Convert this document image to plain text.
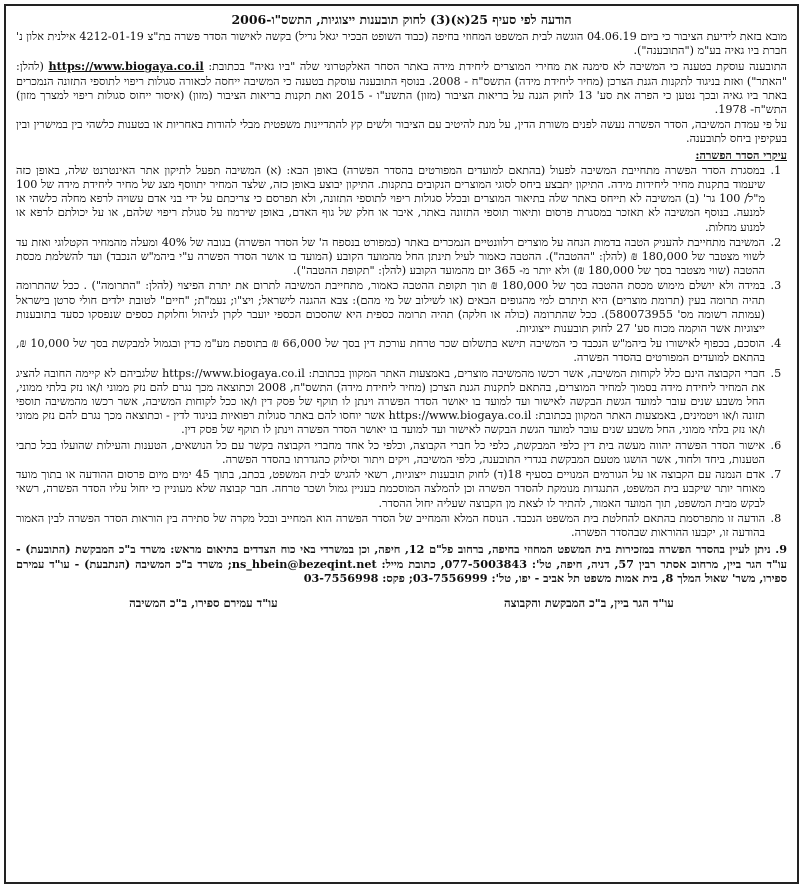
הודעה לפי סעיף 25(א)(3) לחוק תובענות ייצוגיות, התשס"ו-2006

מובא בזאת לידיעת הציבור כי ביום 04.06.19 הוגשה לבית המשפט המחוזי בחיפה (כבוד השופט הבכיר יגאל גריל) בקשה לאישור הסדר פשרה בת"צ 4212-01-19 אילנית אלון נ' חברת ביו גאיה בע"מ ("התובענה").

התובענה עוסקת בטענה כי המשיבה לא סימנה את מחירי המוצרים ליחידת מידה באתר הסחר האלקטרוני שלה "ביו גאיה" בכתובת: https://www.biogaya.co.il (להלן: "האתר") ואזת בניגוד לתקנות הגנת הצרכן (מחיר ליחידת מידה) התשס"ח - 2008. בנוסף התובענה עוסקת בטענה כי המשיבה ייחסה לכאורה סגולות ריפוי לתוספי התזונה הנמכרים באתר ביו גאיה ובכך נטען כי הפרה את סע' 13 לחוק הגנה על בריאות הציבור (מזון) התשע"ו - 2015 ואת תקנות בריאות הציבור (מזון) (איסור ייחוס סגולות ריפוי למצרך מזון) התש"ח- 1978.

על פי עמדת המשיבה, הסדר הפשרה נעשה לפנים משורת הדין, על מנת להיטיב עם הציבור ולשים קץ להתדיינות משפטית מבלי להודות באחריות או בטענות כלשהי בין במישרין ובין בעקיפין ביחס לתובענה.

עיקרי הסדר הפשרה:
1. במסגרת הסדר הפשרה מתחייבת המשיבה לפעול (בהתאם למועדים המפורטים בהסדר הפשרה) באופן הבא: (א) המשיבה תפעל לתיקון אתר האינטרנט שלה, באופן כזה שיעמוד בתקנות מחיר ליחידות מידה. התיקון יתבצע ביחס לסוגי המוצרים הנקובים בתקנות. התיקון יבוצע באופן כזה, שלצד המחיר יתווסף מצג של מחיר ליחידת מידה של 100 מ"ל/ 100 גר' (ב) המשיבה לא תייחס באתר שלה בתיאור המוצרים ובכלל סגולות ריפוי לתוספי התזונה, ולא תפרסם כי צריכתם על ידי בני אדם עשויה לרפא מחלה כלשהי או למנעה. בנוסף המשיבה לא תאזכר במסגרת פרסום ותיאור תוספי התזונה באתר, איבר או חלק של גוף האדם, באופן שירמוז על סגולת ריפוי שלהם, או על יכולתם לרפא או למנוע מחלות.
2. המשיבה מתחייבת להעניק הטבה בדמות הנחה על מוצרים רלוונטיים הנמכרים באתר (כמפורט בנספח ה' של הסדר הפשרה) בגובה של 40% ומעלה מהמחיר הקטלוגי ואזת עד לשווי מצטבר של 180,000 ₪ (להלן: "ההטבה"). ההטבה כאמור לעיל תינתן החל מהמועד הקובע (המועד בו אושר הסדר הפשרה ע"י ביהמ"ש הנכבד) ועד להשלמת מכסת ההטבה (שווי מצטבר בסך של 180,000 ₪) ולא יותר מ- 365 יום מהמועד הקובע (להלן: "תקופת ההטבה").
3. במידה ולא יושלם מימוש מכסת ההטבה בסך של 180,000 ₪ תוך תקופת ההטבה כאמור, מתחייבת המשיבה לתרום את יתרת הפיצוי (להלן: "התרומה") . ככל שהתרומה תהיה תרומה בעין (תרומת מוצרים) היא תיתרם למי מהגופים הבאים (או לשילוב של מי מהם): צבא ההגנה לישראל; ויצ"ו; נעמ"ת; "חיים" לטובת ילדים חולי סרטן בישראל (עמותה רשומה מס' 580073955). ככל שהתרומה (כולה או חלקה) תהיה תרומה כספית היא שהסכום הכספי יועבר לקרן לניהול וחלוקת כספים שנפסקו כסעד בתובענות ייצוגיות אשר הוקמה מכוח סע' 27 לחוק תובענות ייצוגיות.
4. הוסכם, בכפוף לאישורו על ביהמ"ש הנכבד כי המשיבה תישא בתשלום שכר טרחת עורכת דין בסך של 66,000 ₪ בתוספת מע"מ כדין ובגמול למבקשת בסך של 10,000 ₪, בהתאם למועדים המפורטים בהסדר הפשרה.
5. חברי הקבוצה הינם כלל לקוחות המשיבה, אשר רכשו מהמשיבה מוצרים, באמצעות האתר המקוון בכתובת: https://www.biogaya.co.il שלגביהם לא קיימה החובה להציג את המחיר ליחידת מידה בסמוך למחיר המוצרים, בהתאם לתקנות הגנת הצרכן (מחיר ליחידת מידה) התשס"ח, 2008 וכתוצאה מכך נגרם להם נזק ממוני ו/או נזק בלתי ממוני, החל משבע שנים עובר למועד הגשת הבקשה לאישור ועד למועד בו יאושר הסדר הפשרה וינתן לו תוקף של פסק דין ו/או ככל לקוחות המשיבה, אשר רכשו מהמשיבה תוספי תזונה ו/או ויטמינים, באמצעות האתר המקוון בכתובת: https://www.biogaya.co.il אשר יוחסו להם באתר סגולות רפואיות בניגוד לדין - וכתוצאה מכך נגרם להם נזק ממוני ו/או נזק בלתי ממוני, החל משבע שנים עובר למועד הגשת הבקשה לאישור ועד למועד בו יאושר הסדר הפשרה וינתן לו תוקף של פסק דין.
6. אישור הסדר הפשרה יהווה מעשה בית דין כלפי המבקשת, כלפי כל חברי הקבוצה, וכלפי כל אחד מחברי הקבוצה בקשר עם כל הנושאים, הטענות והעילות שהועלו בכל כתבי הטענות, ביחד ולחוד, אשר הושגו מטעם המבקשת בגדרי התובענה, כלפי המשיבה, ויקים ויתור וסילוק כהגדרתו בהסדר הפשרה.
7. אדם הנמנה עם הקבוצה או על הגורמים המנויים בסעיף 18(ד) לחוק תובענות ייצוגיות, רשאי להגיש לבית המשפט, בכתב, בתוך 45 ימים מיום פרסום ההודעה או בתוך מועד מאוחר יותר שיקבע בית המשפט, התנגדות מנומקת להסדר הפשרה וכן להמלצה המוסכמת בעניין גמול ושכר טרחה. חבר קבוצה שלא מעוניין כי יחול עליו הסדר הפשרה, רשאי לבקש מבית המשפט, תוך המועד האמור, להתיר לו לצאת מן הקבוצה שעליה יחול ההסדר.
8. הודעה זו מתפרסמת בהתאם להחלטת בית המשפט הנכבד. הנוסח המלא והמחייב של הסדר הפשרה הוא המחייב ובכל מקרה של סתירה בין הוראות הסדר הפשרה לבין האמור בהודעה זו, יקבעו ההוראות שבהסדר הפשרה.
9. ניתן לעיין בהסדר הפשרה במזכירות בית המשפט המחוזי בחיפה, ברחוב פל"ם 12, חיפה, וכן במשרדי באי כוח הצדדים בתיאום מראש: משרד ב"כ המבקשת (התובעת) - עו"ד הגר ביין, מרחוב אסתר רבין 57, דניה, חיפה, טל': 077-5003843, כתובת מייל: ns_hbein@bezeqint.net; משרד ב"כ המשיבה (הנתבעת) - עו"ד עמירם ספירו, משר' שאול המלך 8, בית אמות משפט תל אביב - יפו, טל': 03-7556999; פקס: 03-7556998
עו"ד הגר ביין, ב"כ המבקשת והקבוצה
עו"ד עמירם ספירו, ב"כ המשיבה
